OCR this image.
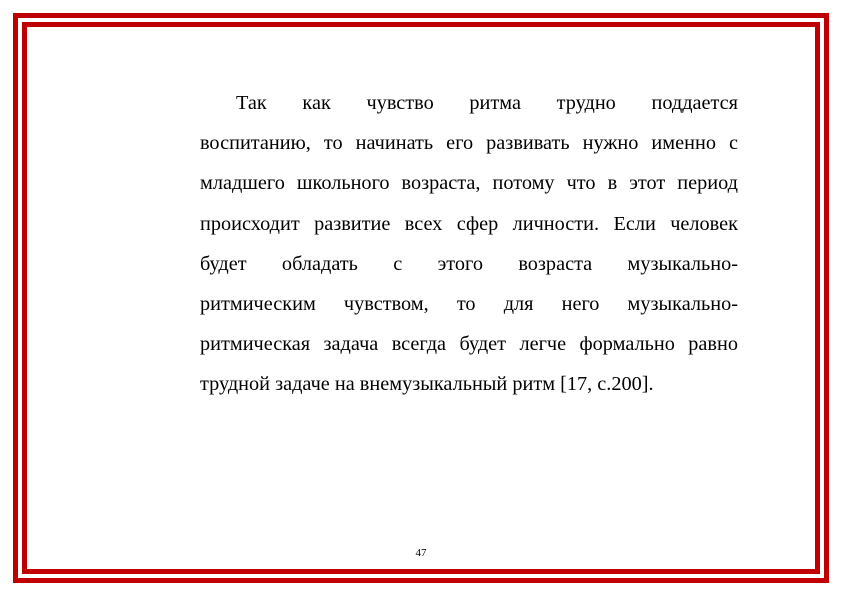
Так как чувство ритма трудно поддается
воспитанию, то начинать его развивать нужно именно с
младшего школьного возраста, потому что в этот период
происходит развитие всех сфер личности. Если человек
будет обладать с этого возраста музыкально-
ритмическим чувством, то для него музыкально-
ритмическая задача всегда будет легче формально равно
трудной задаче на внемузыкальный ритм [17, с.200].
47
